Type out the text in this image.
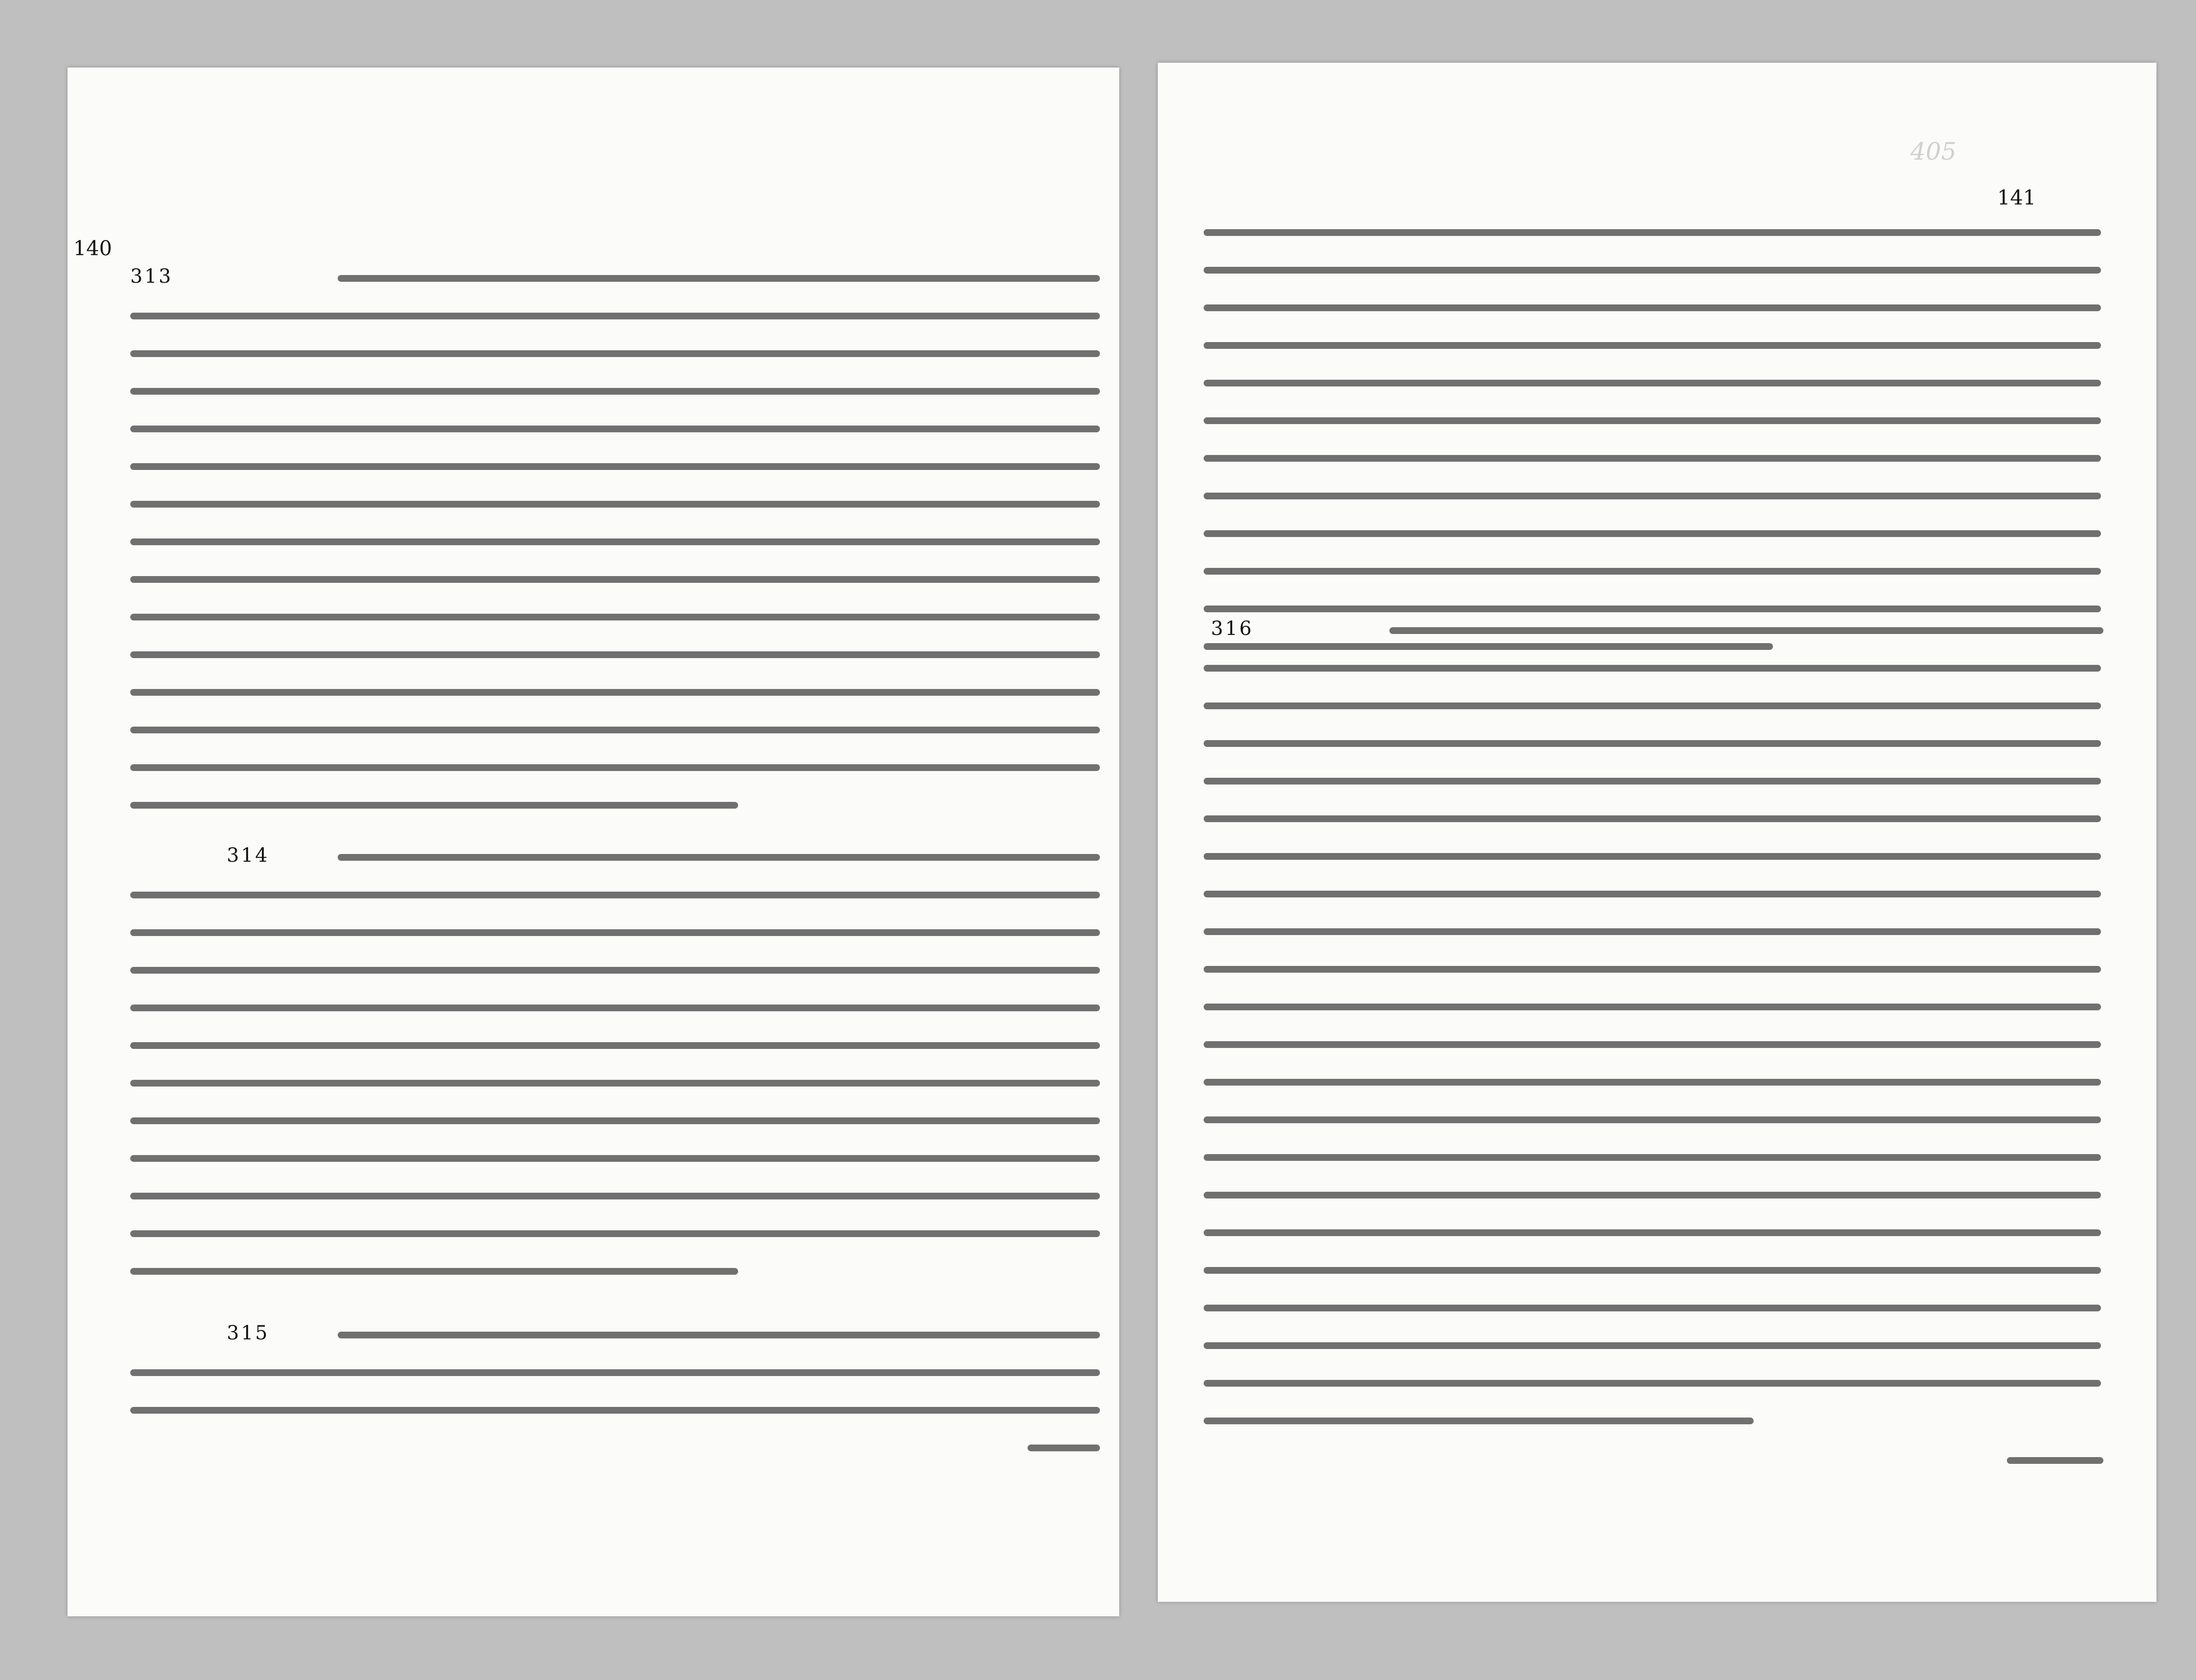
140
313
314
315
405
141
316
